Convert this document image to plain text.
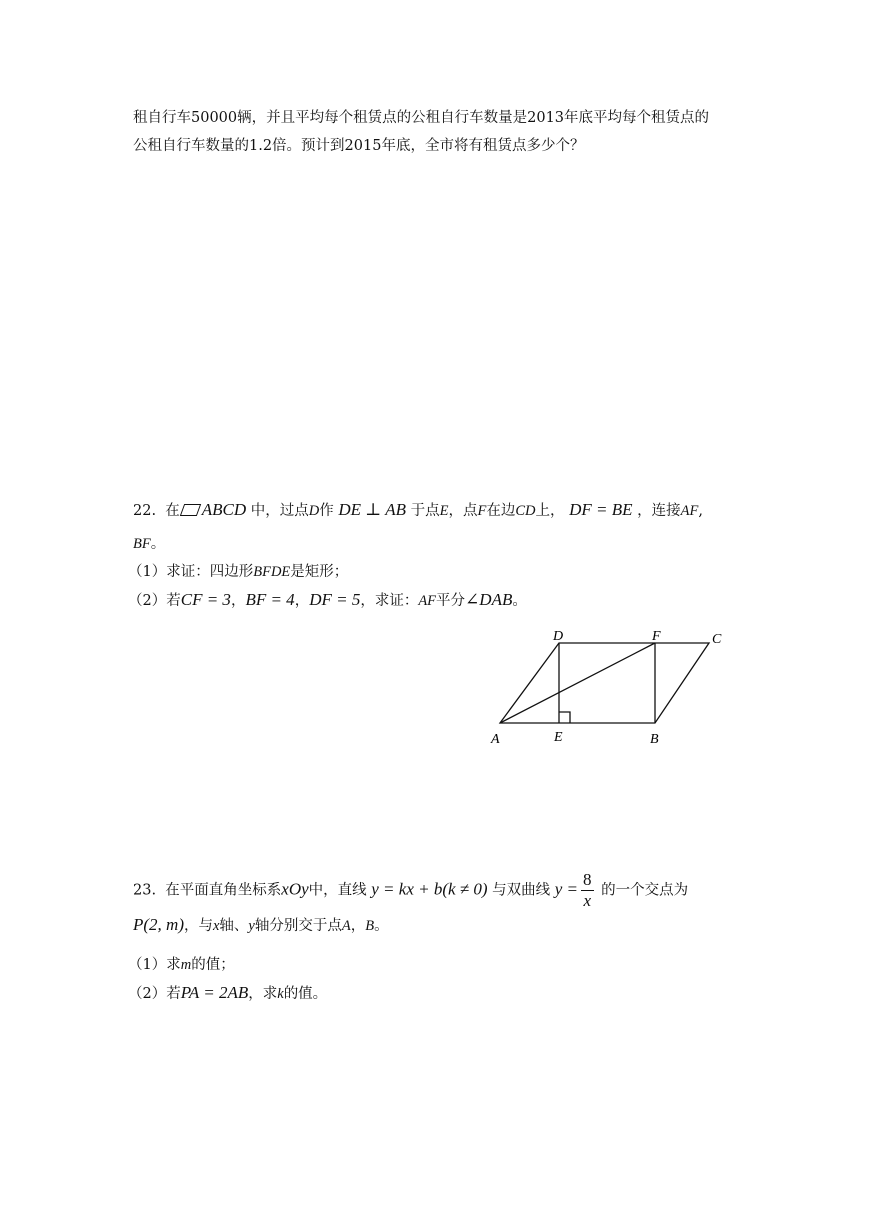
租自行车50000辆，并且平均每个租赁点的公租自行车数量是2013年底平均每个租赁点的
公租自行车数量的1.2倍。预计到2015年底，全市将有租赁点多少个？
22. 在 ABCD 中，过点D作 DE ⊥ AB 于点E，点F在边CD上， DF = BE ，连接AF,
BF。
（1）求证：四边形BFDE是矩形；
（2）若CF = 3，BF = 4，DF = 5，求证：AF平分∠DAB。
D	F	C
A	E	B
23. 在平面直角坐标系xOy中，直线 y = kx + b(k ≠ 0) 与双曲线 $y = \frac{8}{x}$ 的一个交点为
P(2, m)，与x轴、y轴分别交于点A，B。
（1）求m的值；
（2）若PA = 2AB，求k的值。
